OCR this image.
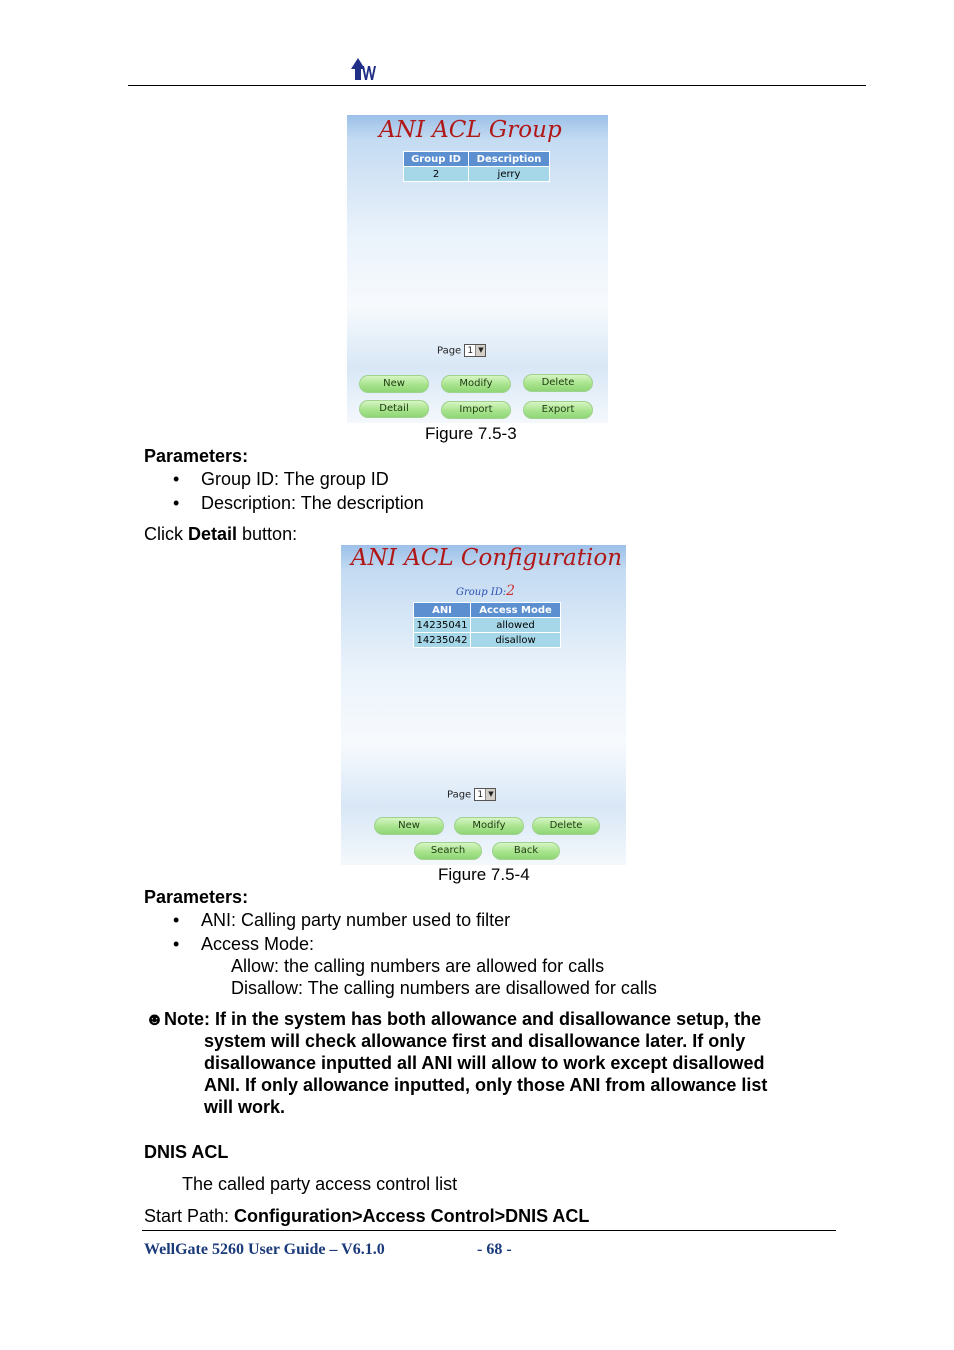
ANI ACL Group
Group ID	Description
2	jerry
Page 1 ▼
New	Modify	Delete
Detail	Import	Export
Figure 7.5-3
Parameters:
• Group ID: The group ID
• Description: The description
Click Detail button:
ANI ACL Configuration
Group ID:2
ANI	Access Mode
14235041	allowed
14235042	disallow
Page 1 ▼
New	Modify	Delete
Search	Back
Figure 7.5-4
Parameters:
• ANI: Calling party number used to filter
• Access Mode:
Allow: the calling numbers are allowed for calls
Disallow: The calling numbers are disallowed for calls
☻Note: If in the system has both allowance and disallowance setup, the
system will check allowance first and disallowance later. If only
disallowance inputted all ANI will allow to work except disallowed
ANI. If only allowance inputted, only those ANI from allowance list
will work.
DNIS ACL
The called party access control list
Start Path: Configuration>Access Control>DNIS ACL
WellGate 5260 User Guide – V6.1.0	- 68 -
